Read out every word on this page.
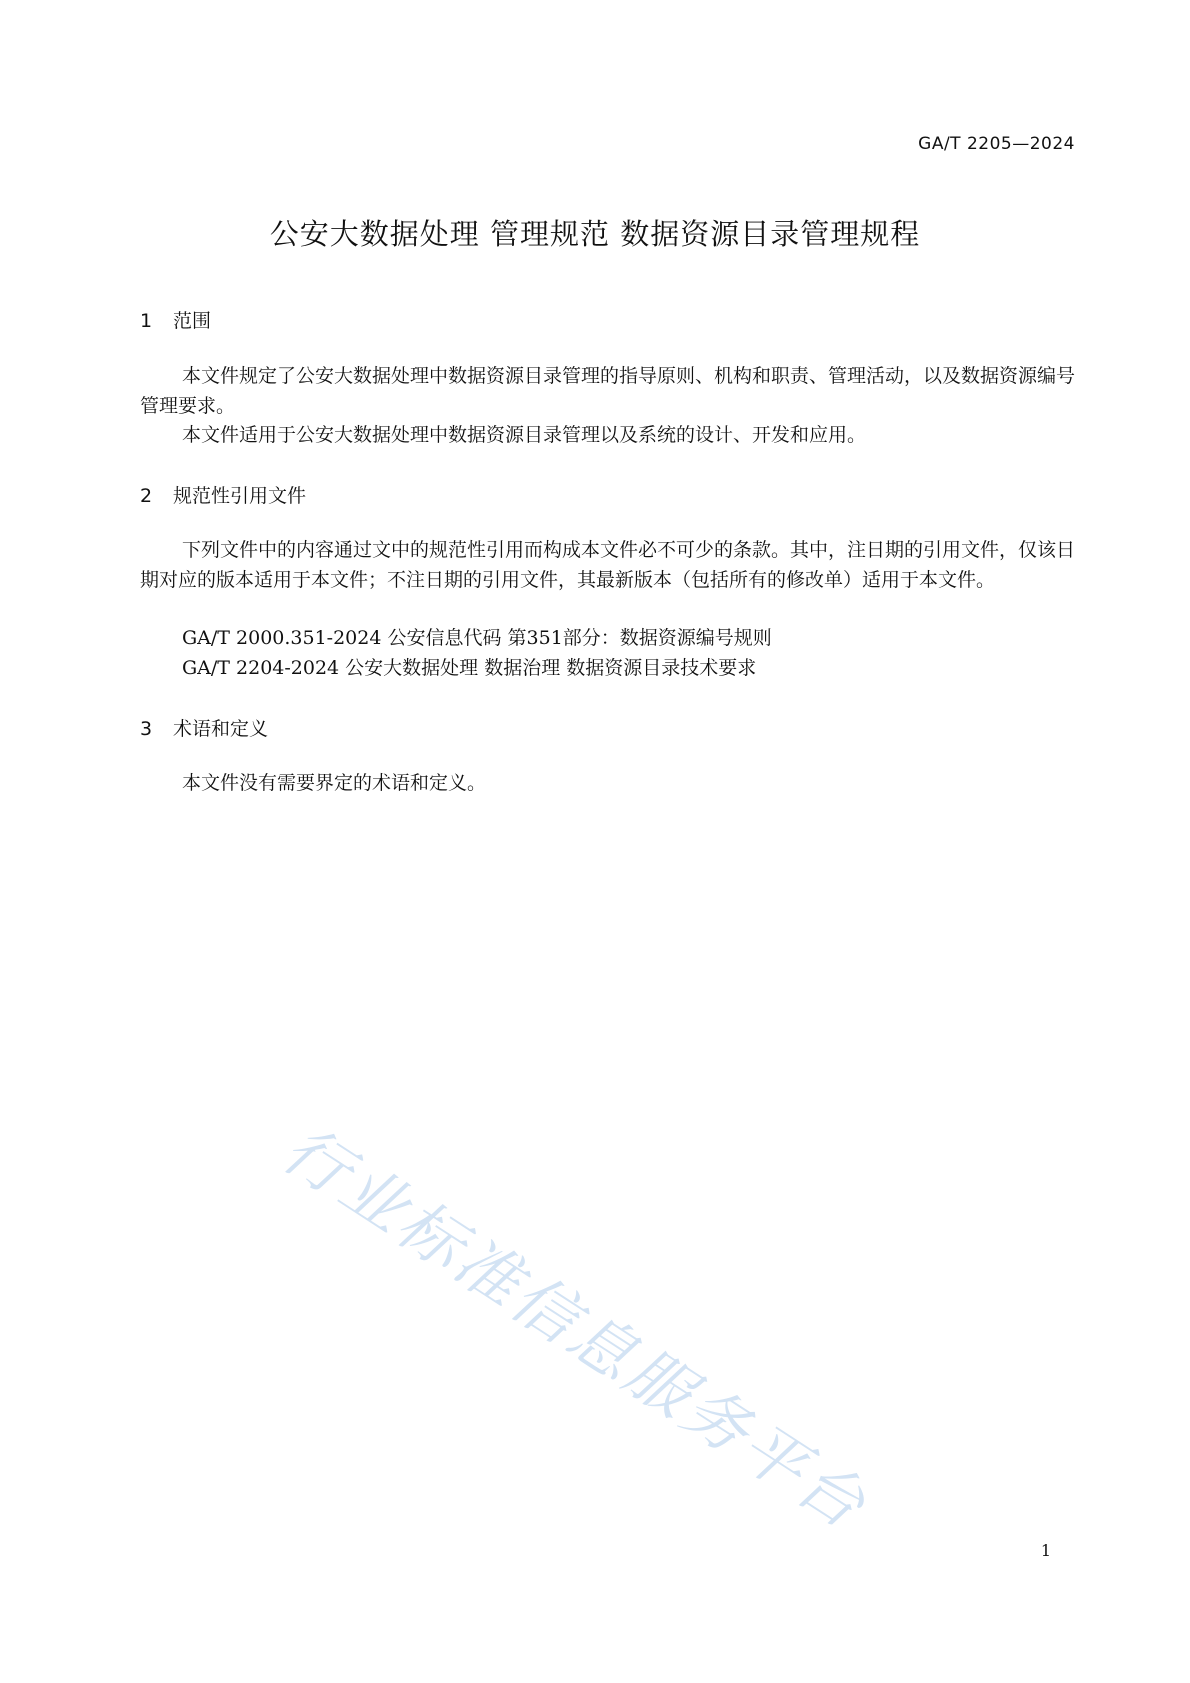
GA/T 2205—2024
公安大数据处理 管理规范 数据资源目录管理规程
1 范围

本文件规定了公安大数据处理中数据资源目录管理的指导原则、机构和职责、管理活动，以及数据资源编号管理要求。

本文件适用于公安大数据处理中数据资源目录管理以及系统的设计、开发和应用。

2 规范性引用文件

下列文件中的内容通过文中的规范性引用而构成本文件必不可少的条款。其中，注日期的引用文件，仅该日期对应的版本适用于本文件；不注日期的引用文件，其最新版本（包括所有的修改单）适用于本文件。

GA/T 2000.351-2024 公安信息代码 第351部分：数据资源编号规则
GA/T 2204-2024 公安大数据处理 数据治理 数据资源目录技术要求
3 术语和定义

本文件没有需要界定的术语和定义。

行业标准信息服务平台
1
